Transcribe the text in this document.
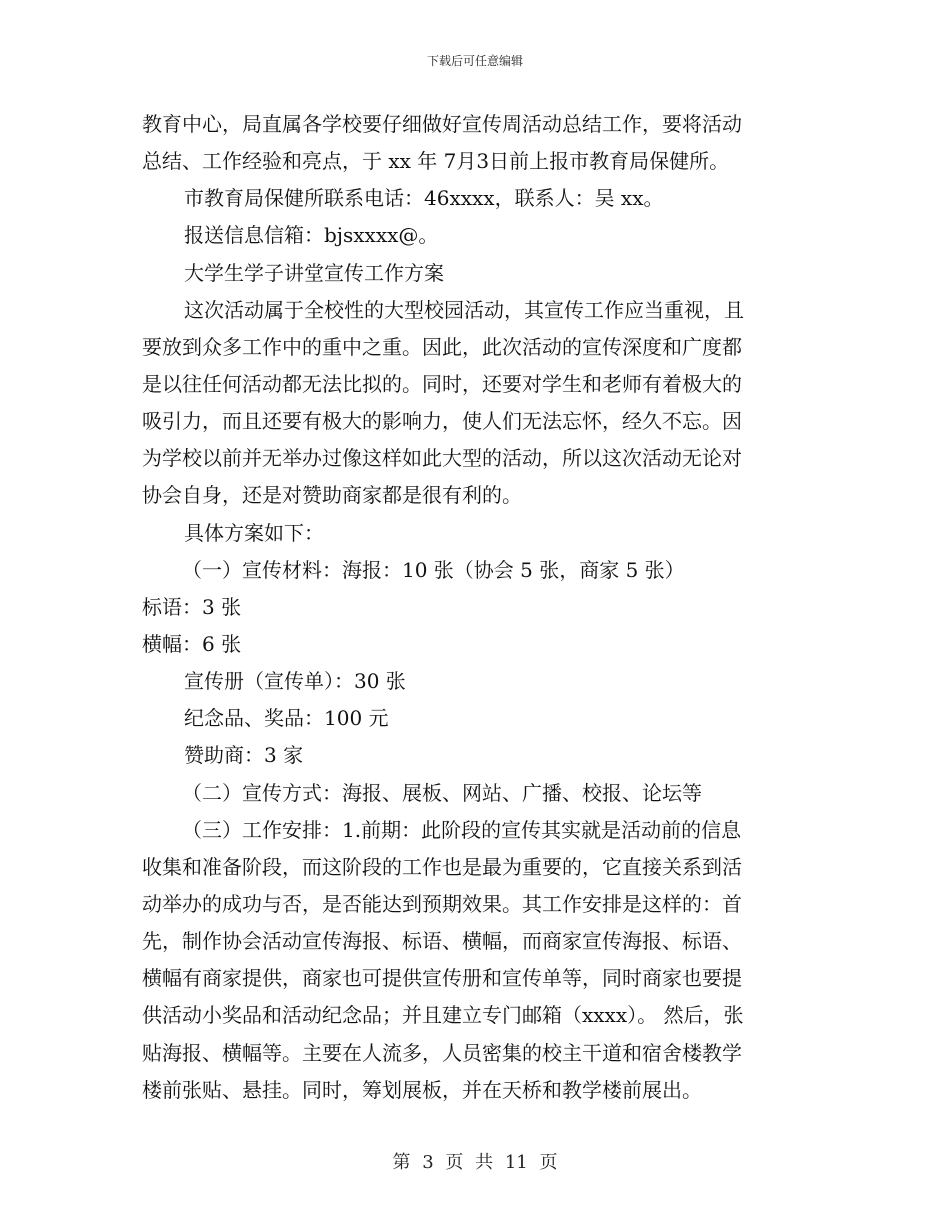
下载后可任意编辑
教育中心，局直属各学校要仔细做好宣传周活动总结工作，要将活动
总结、工作经验和亮点，于 xx 年 7月3日前上报市教育局保健所。
市教育局保健所联系电话：46xxxx，联系人：吴 xx。
报送信息信箱：bjsxxxx@。
大学生学子讲堂宣传工作方案
这次活动属于全校性的大型校园活动，其宣传工作应当重视，且
要放到众多工作中的重中之重。因此，此次活动的宣传深度和广度都
是以往任何活动都无法比拟的。同时，还要对学生和老师有着极大的
吸引力，而且还要有极大的影响力，使人们无法忘怀，经久不忘。因
为学校以前并无举办过像这样如此大型的活动，所以这次活动无论对
协会自身，还是对赞助商家都是很有利的。
具体方案如下：
（一）宣传材料：海报：10 张（协会 5 张，商家 5 张）
标语：3 张
横幅：6 张
宣传册（宣传单）：30 张
纪念品、奖品：100 元
赞助商：3 家
（二）宣传方式：海报、展板、网站、广播、校报、论坛等
（三）工作安排：1.前期：此阶段的宣传其实就是活动前的信息
收集和准备阶段，而这阶段的工作也是最为重要的，它直接关系到活
动举办的成功与否，是否能达到预期效果。其工作安排是这样的：首
先，制作协会活动宣传海报、标语、横幅，而商家宣传海报、标语、
横幅有商家提供，商家也可提供宣传册和宣传单等，同时商家也要提
供活动小奖品和活动纪念品；并且建立专门邮箱（xxxx）。 然后，张
贴海报、横幅等。主要在人流多，人员密集的校主干道和宿舍楼教学
楼前张贴、悬挂。同时，筹划展板，并在天桥和教学楼前展出。
第 3 页 共 11 页
